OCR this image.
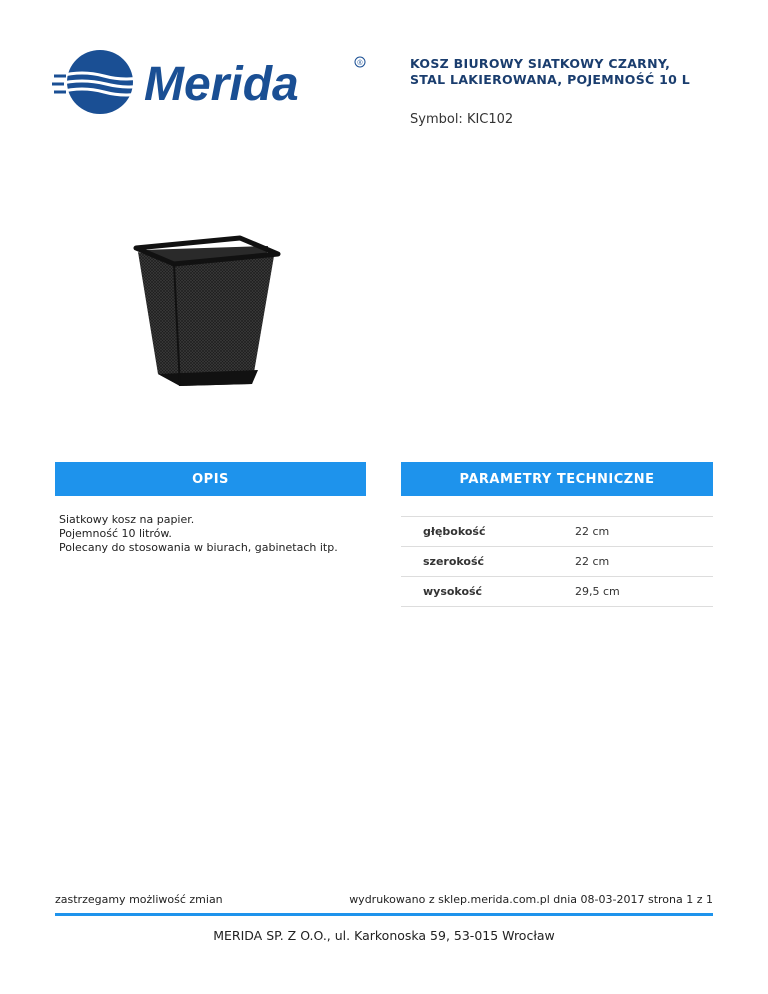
Merida	®	KOSZ BIUROWY SIATKOWY CZARNY, STAL LAKIEROWANA, POJEMNOŚĆ 10 L
Symbol: KIC102
OPIS	PARAMETRY TECHNICZNE
Siatkowy kosz na papier.
Pojemność 10 litrów.
Polecany do stosowania w biurach, gabinetach itp.
głębokość	22 cm
szerokość	22 cm
wysokość	29,5 cm
zastrzegamy możliwość zmian	wydrukowano z sklep.merida.com.pl dnia 08-03-2017 strona 1 z 1
MERIDA SP. Z O.O., ul. Karkonoska 59, 53-015 Wrocław
